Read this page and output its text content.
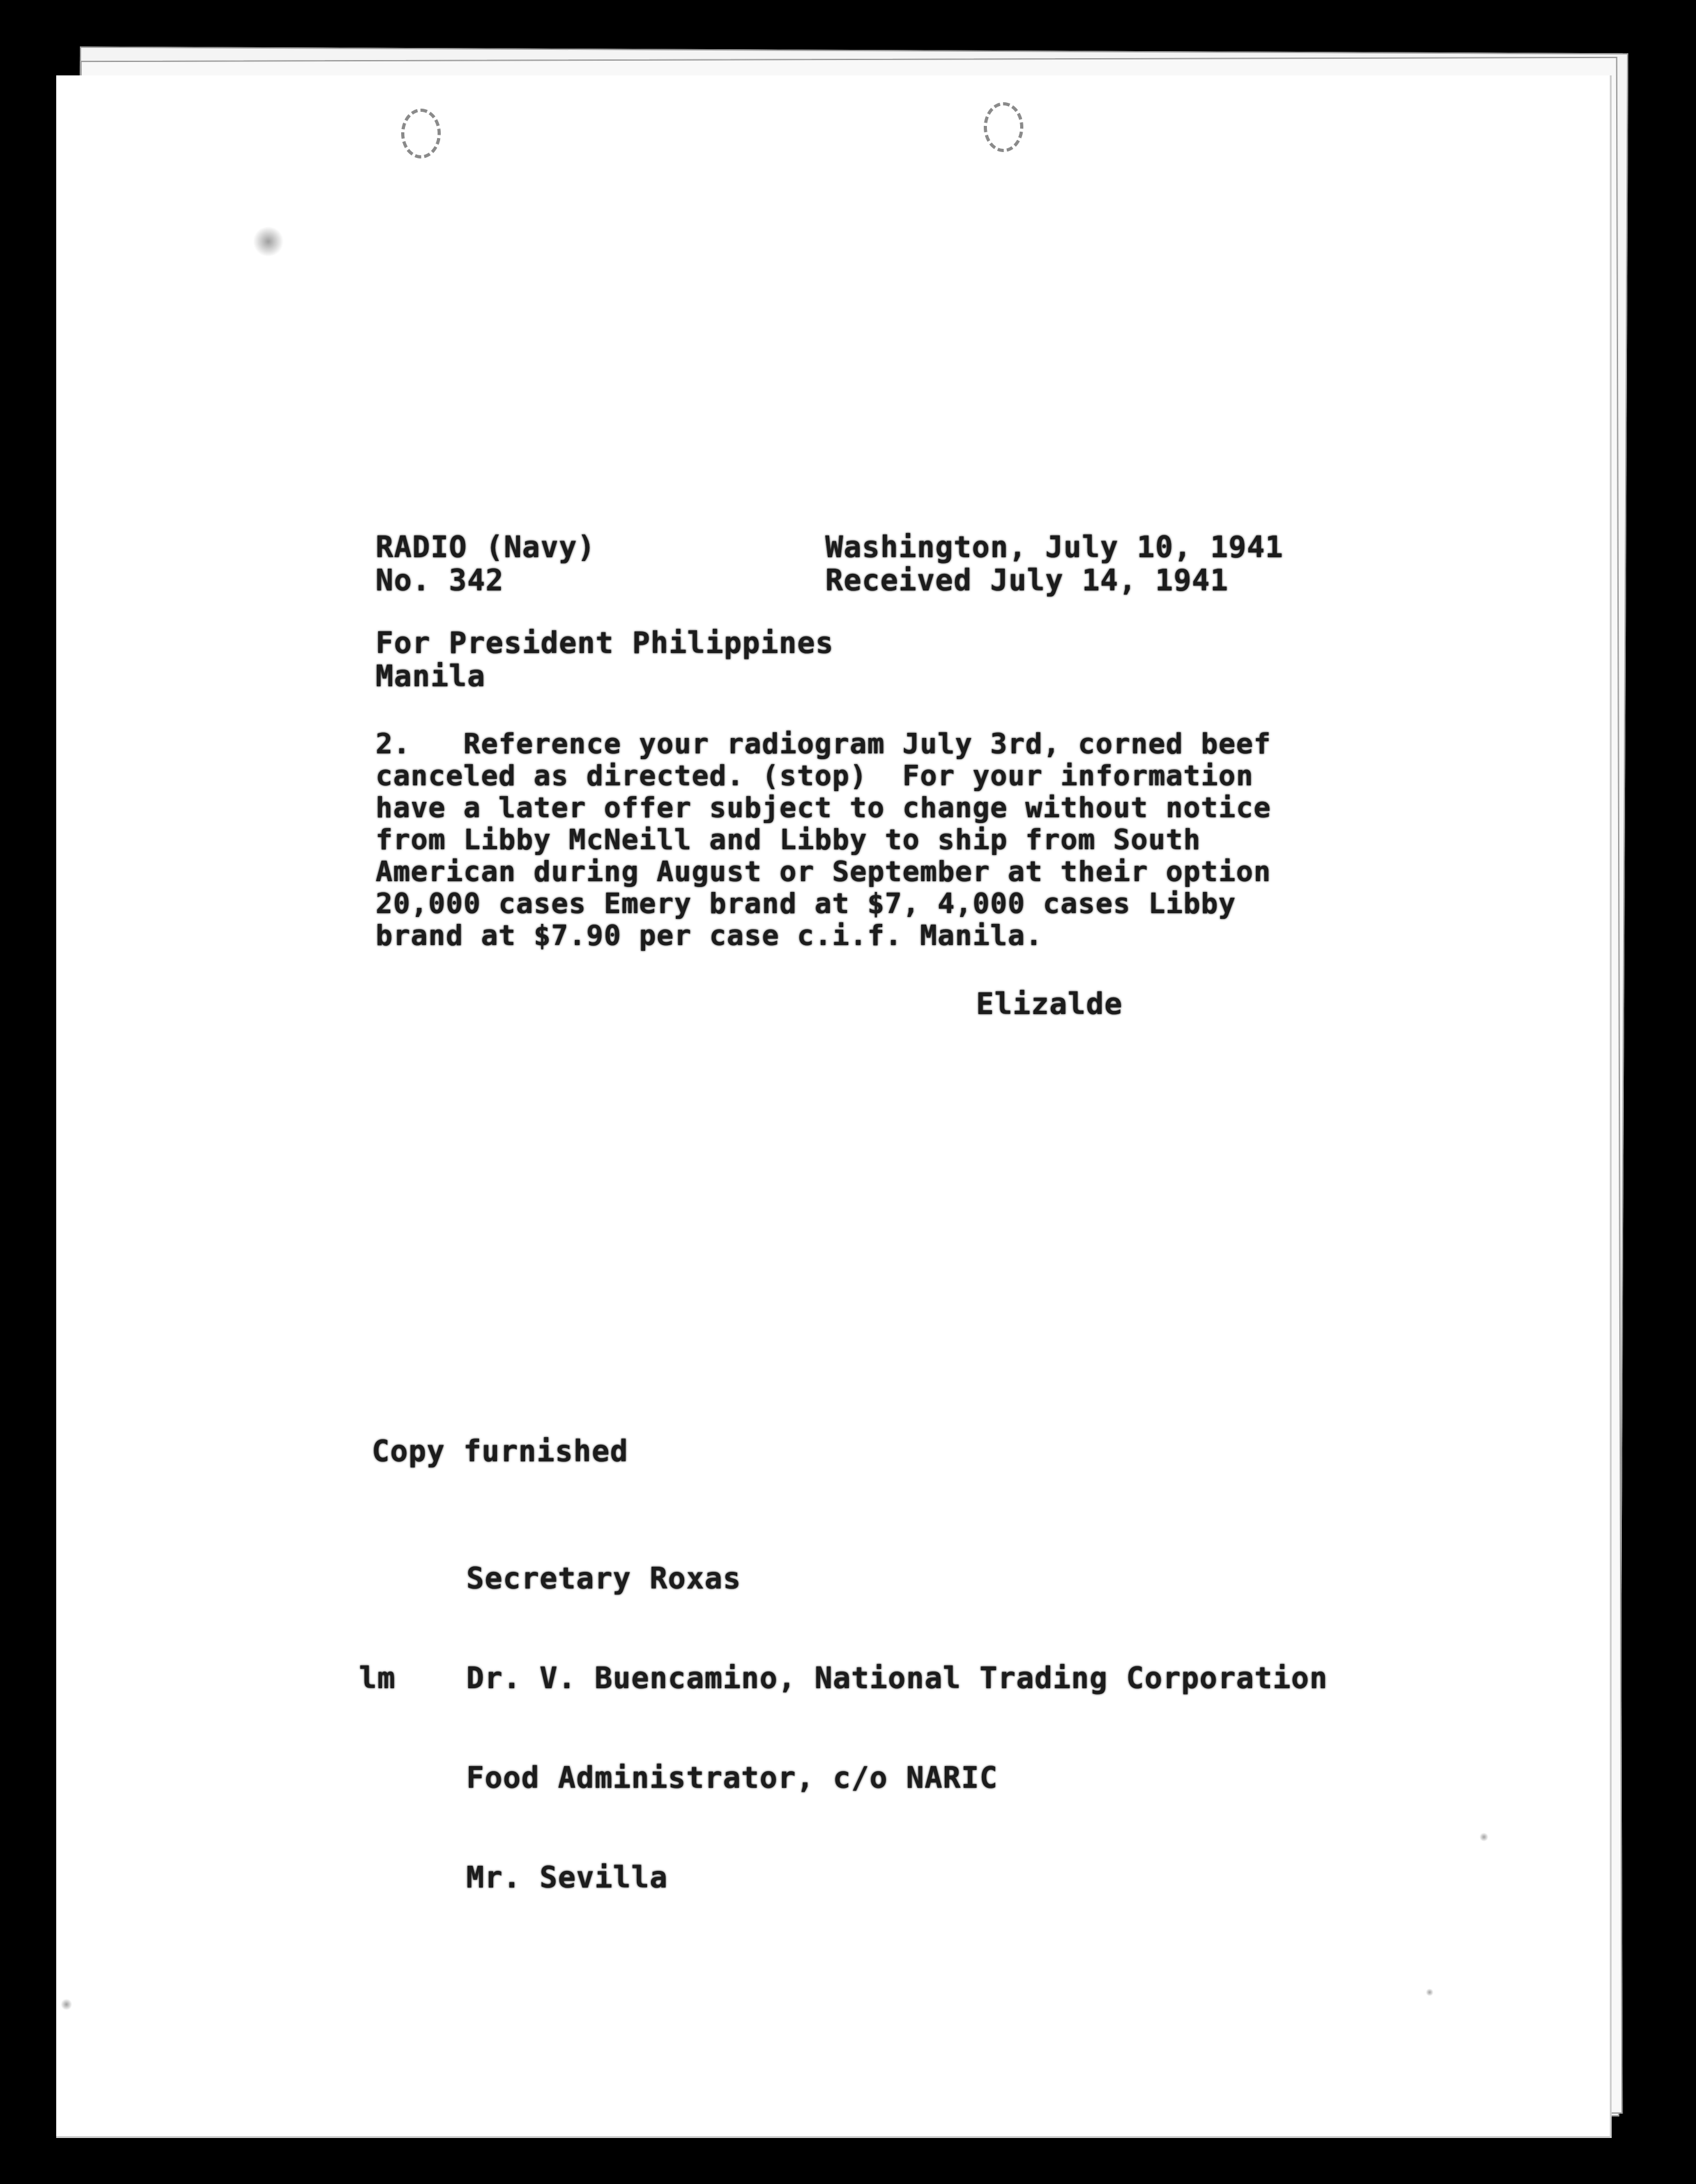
RADIO (Navy)
No. 342
Washington, July 10, 1941
Received July 14, 1941
For President Philippines
Manila
2.   Reference your radiogram July 3rd, corned beef
canceled as directed. (stop)  For your information
have a later offer subject to change without notice
from Libby McNeill and Libby to ship from South
American during August or September at their option
20,000 cases Emery brand at $7, 4,000 cases Libby
brand at $7.90 per case c.i.f. Manila.
Elizalde
Copy furnished

Secretary Roxas

Dr. V. Buencamino, National Trading Corporation

Food Administrator, c/o NARIC

Mr. Sevilla

lm
